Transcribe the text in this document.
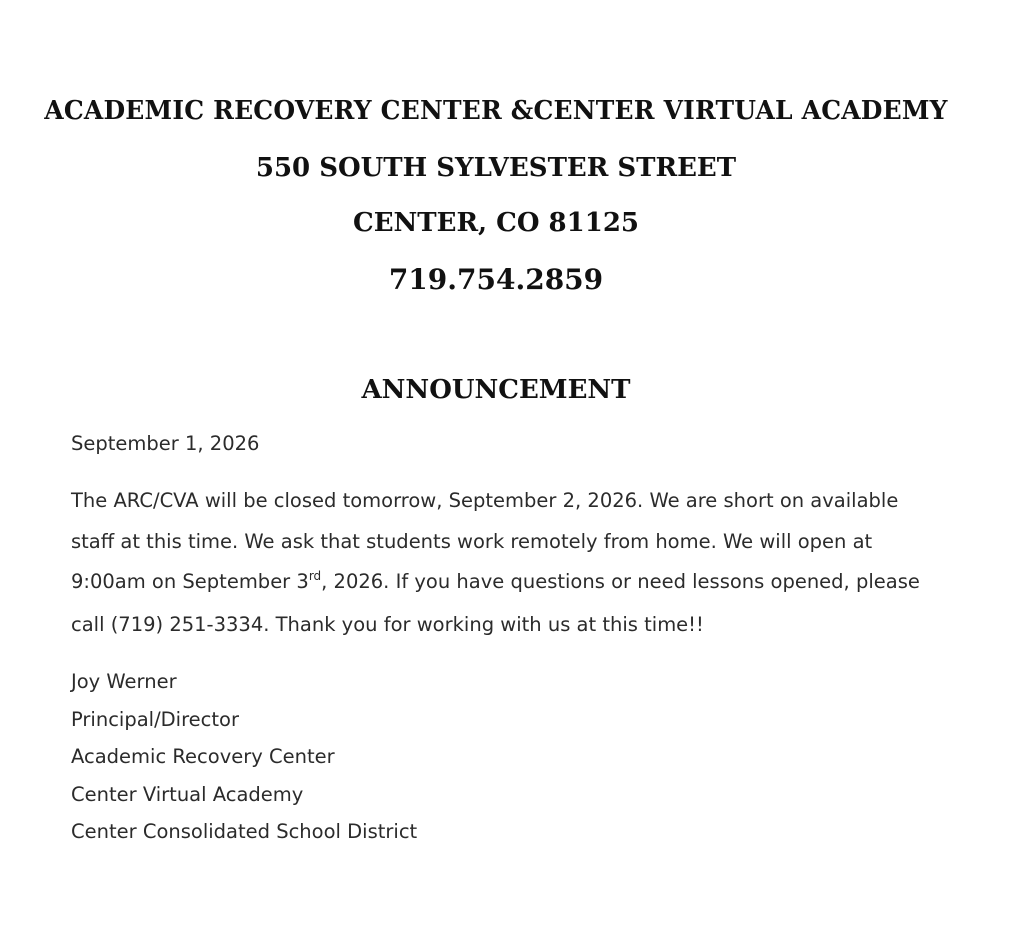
ACADEMIC RECOVERY CENTER &CENTER VIRTUAL ACADEMY
550 SOUTH SYLVESTER STREET
CENTER, CO 81125
719.754.2859
ANNOUNCEMENT
September 1, 2026
The ARC/CVA will be closed tomorrow, September 2, 2026. We are short on available
staff at this time. We ask that students work remotely from home. We will open at
9:00am on September 3rd, 2026. If you have questions or need lessons opened, please
call (719) 251-3334. Thank you for working with us at this time!!
Joy Werner
Principal/Director
Academic Recovery Center
Center Virtual Academy
Center Consolidated School District
